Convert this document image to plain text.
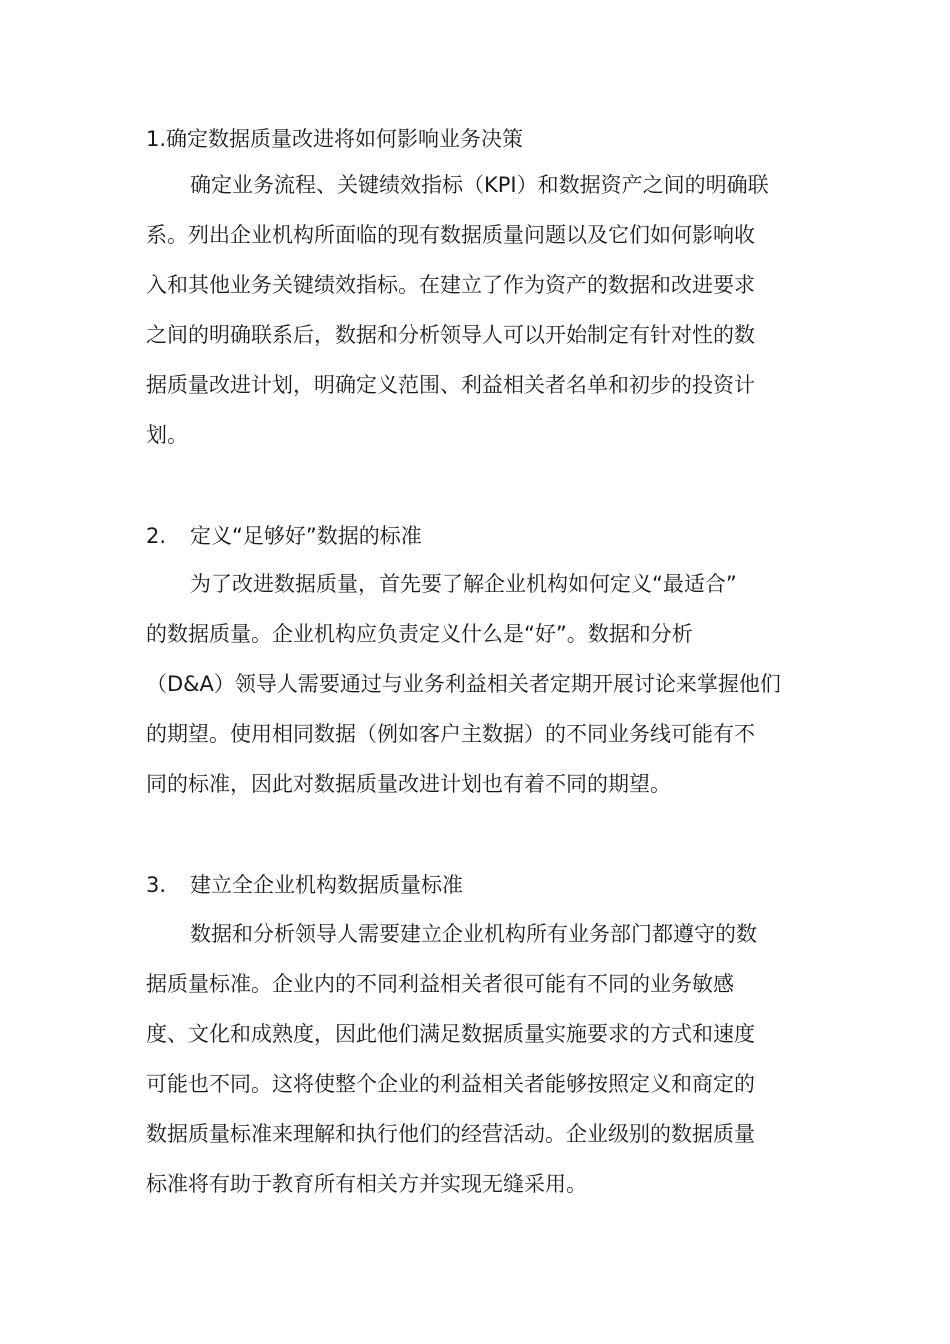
1.确定数据质量改进将如何影响业务决策
确定业务流程、关键绩效指标（KPI）和数据资产之间的明确联
系。列出企业机构所面临的现有数据质量问题以及它们如何影响收
入和其他业务关键绩效指标。在建立了作为资产的数据和改进要求
之间的明确联系后，数据和分析领导人可以开始制定有针对性的数
据质量改进计划，明确定义范围、利益相关者名单和初步的投资计
划。
2. 定义“足够好”数据的标准
为了改进数据质量，首先要了解企业机构如何定义“最适合”
的数据质量。企业机构应负责定义什么是“好”。数据和分析
（D&A）领导人需要通过与业务利益相关者定期开展讨论来掌握他们
的期望。使用相同数据（例如客户主数据）的不同业务线可能有不
同的标准，因此对数据质量改进计划也有着不同的期望。
3. 建立全企业机构数据质量标准
数据和分析领导人需要建立企业机构所有业务部门都遵守的数
据质量标准。企业内的不同利益相关者很可能有不同的业务敏感
度、文化和成熟度，因此他们满足数据质量实施要求的方式和速度
可能也不同。这将使整个企业的利益相关者能够按照定义和商定的
数据质量标准来理解和执行他们的经营活动。企业级别的数据质量
标准将有助于教育所有相关方并实现无缝采用。
